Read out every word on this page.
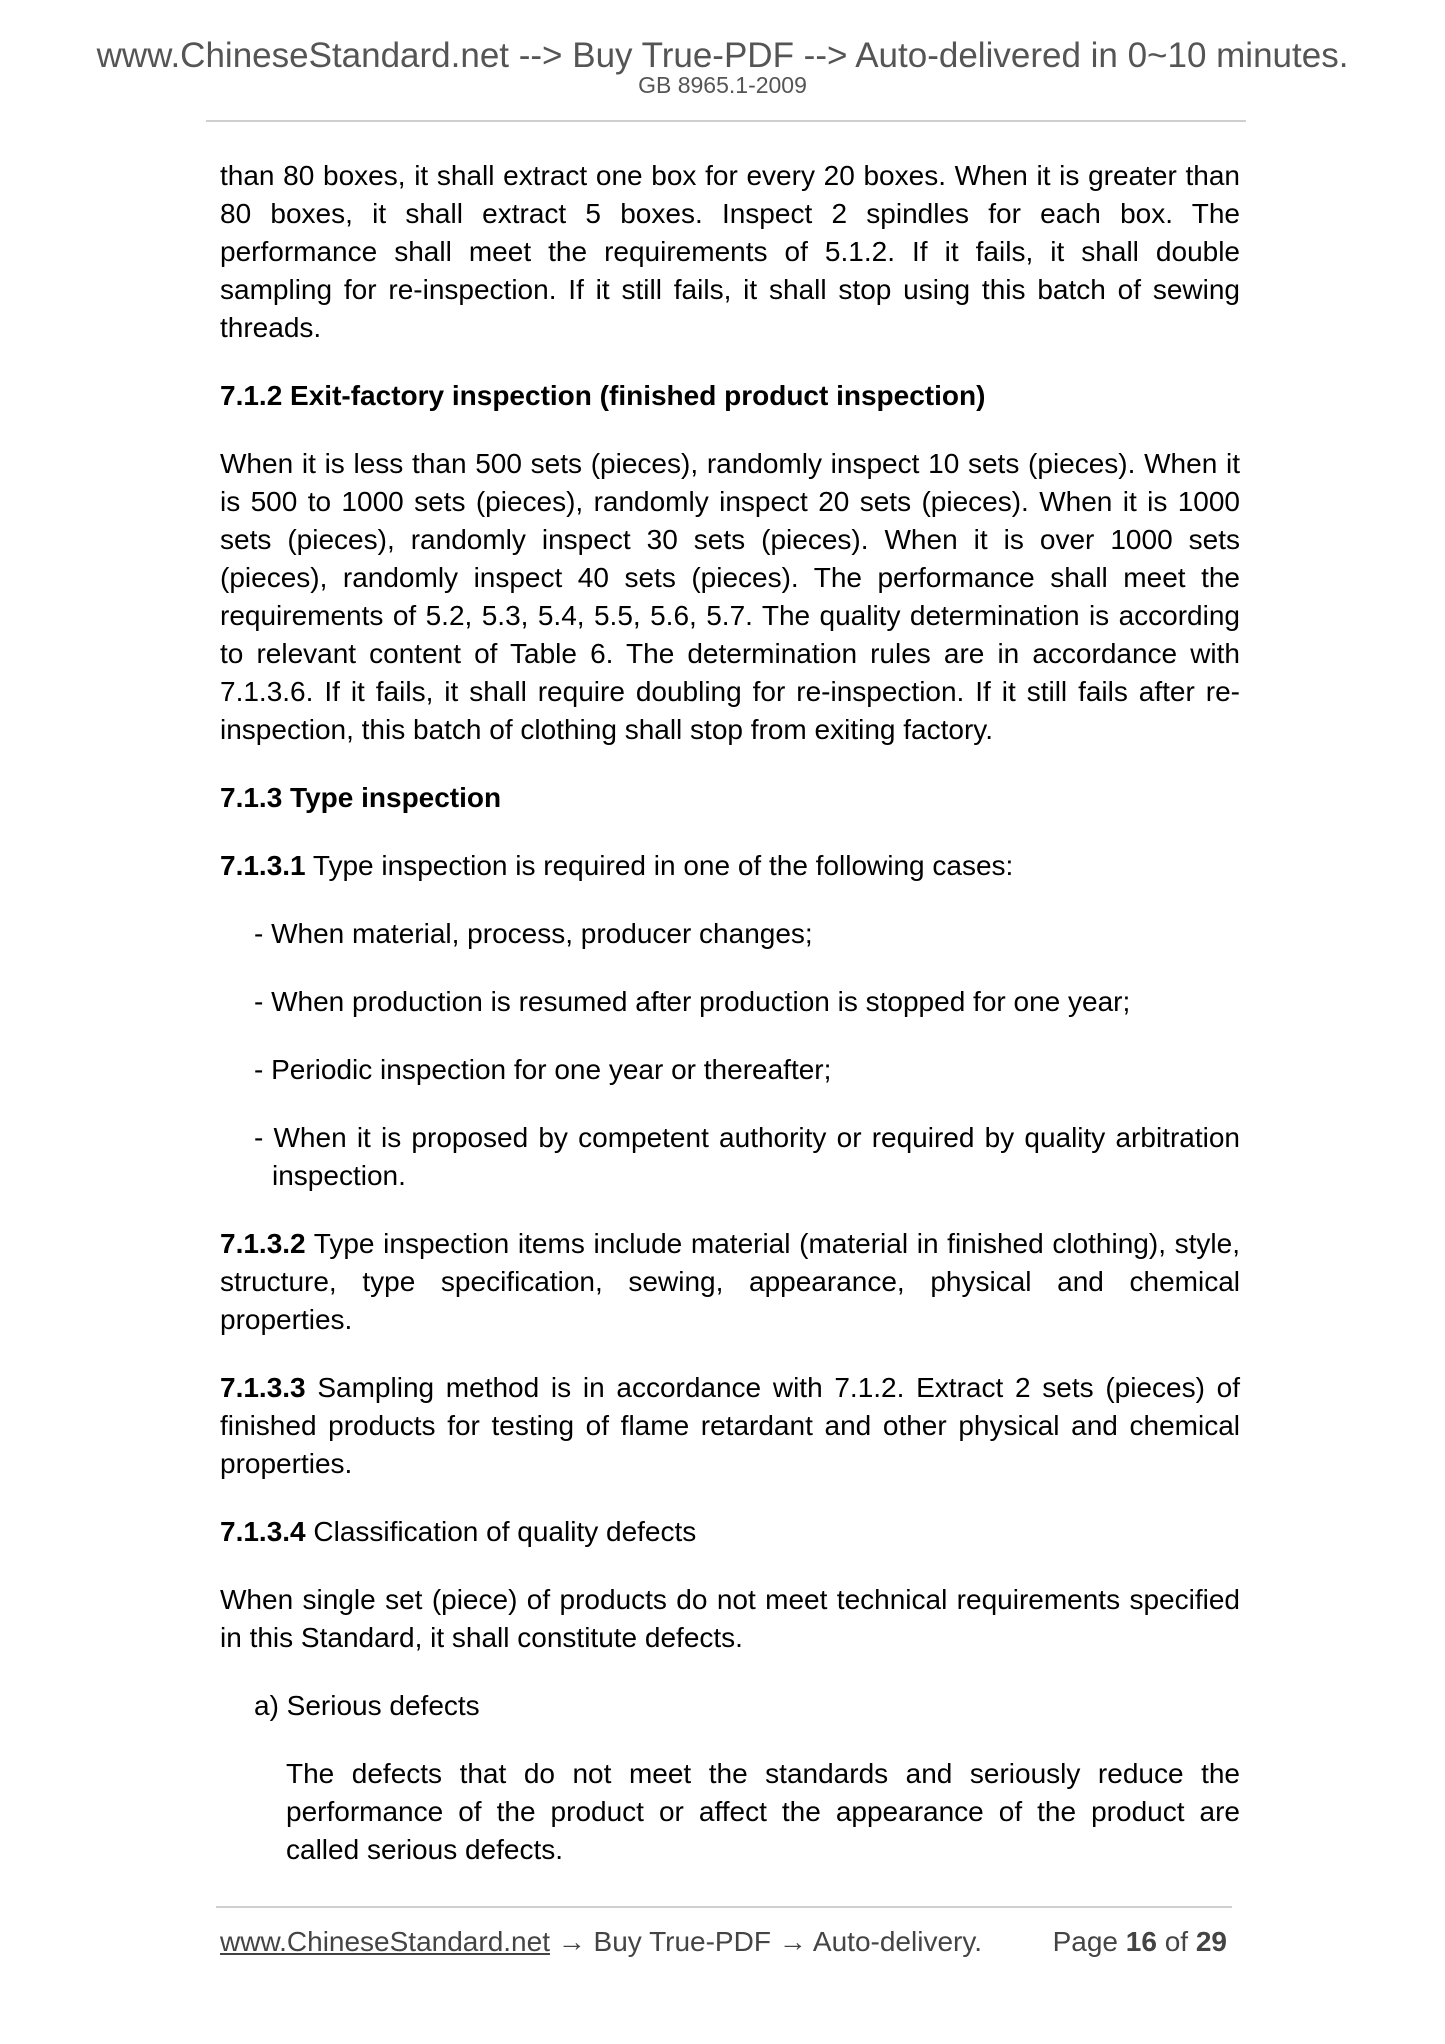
www.ChineseStandard.net --> Buy True-PDF --> Auto-delivered in 0~10 minutes.
GB 8965.1-2009

than 80 boxes, it shall extract one box for every 20 boxes. When it is greater than 80 boxes, it shall extract 5 boxes. Inspect 2 spindles for each box. The performance shall meet the requirements of 5.1.2. If it fails, it shall double sampling for re-inspection. If it still fails, it shall stop using this batch of sewing threads.

7.1.2 Exit-factory inspection (finished product inspection)

When it is less than 500 sets (pieces), randomly inspect 10 sets (pieces). When it is 500 to 1000 sets (pieces), randomly inspect 20 sets (pieces). When it is 1000 sets (pieces), randomly inspect 30 sets (pieces). When it is over 1000 sets (pieces), randomly inspect 40 sets (pieces). The performance shall meet the requirements of 5.2, 5.3, 5.4, 5.5, 5.6, 5.7. The quality determination is according to relevant content of Table 6. The determination rules are in accordance with 7.1.3.6. If it fails, it shall require doubling for re-inspection. If it still fails after re-inspection, this batch of clothing shall stop from exiting factory.

7.1.3 Type inspection

7.1.3.1 Type inspection is required in one of the following cases:

- When material, process, producer changes;

- When production is resumed after production is stopped for one year;

- Periodic inspection for one year or thereafter;

- When it is proposed by competent authority or required by quality arbitration inspection.

7.1.3.2 Type inspection items include material (material in finished clothing), style, structure, type specification, sewing, appearance, physical and chemical properties.

7.1.3.3 Sampling method is in accordance with 7.1.2. Extract 2 sets (pieces) of finished products for testing of flame retardant and other physical and chemical properties.

7.1.3.4 Classification of quality defects

When single set (piece) of products do not meet technical requirements specified in this Standard, it shall constitute defects.

a) Serious defects

The defects that do not meet the standards and seriously reduce the performance of the product or affect the appearance of the product are called serious defects.

www.ChineseStandard.net → Buy True-PDF → Auto-delivery.	Page 16 of 29
